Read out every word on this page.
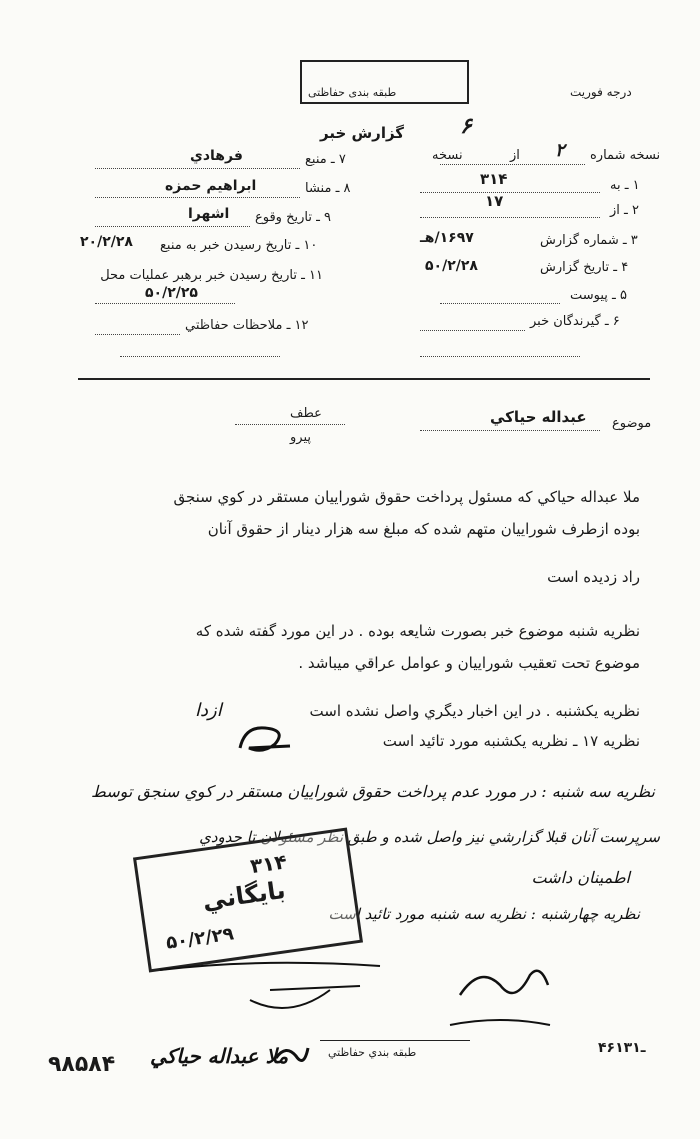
طبقه بندی حفاظتی	درجه فوریت
گزارش خبر	۶
نسخه شماره
از
نسخه	۲
فرهادي	۷ ـ منبع
ابراهيم حمزه	۸ ـ منشا
اشهرا ۹ ـ تاريخ وقوع
۲۰/۲/۲۸ ۱۰ ـ تاريخ رسيدن خبر به منبع
۱۱ ـ تاريخ رسيدن خبر برهبر عمليات محل
۵۰/۲/۲۵
۱۲ ـ ملاحظات حفاظتي
۱ ـ به
۳۱۴
۲ ـ از
۱۷
۳ ـ شماره گزارش
۱۶۹۷/هـ
۴ ـ تاريخ گزارش
۵۰/۲/۲۸
۵ ـ پيوست
۶ ـ گيرندگان خبر
موضوع
عبداله حياكي
عطف
پيرو
ملا عبداله حياكي كه مسئول پرداخت حقوق شوراييان مستقر در كوي سنجق
بوده ازطرف شوراييان متهم شده كه مبلغ سه هزار دينار از حقوق آنان
راد زديده است
نظريه شنبه موضوع خبر بصورت شايعه بوده . در اين مورد گفته شده كه
موضوع تحت تعقيب شوراييان و عوامل عراقي ميباشد .
نظريه يكشنبه . در اين اخبار ديگري واصل نشده است
ازدا
نظريه ۱۷ ـ نظريه يكشنبه مورد تائيد است
نظريه سه شنبه : در مورد عدم پرداخت حقوق شوراييان مستقر در كوي سنجق توسط
سرپرست آنان قبلا گزارشي نيز واصل شده و طبق نظر مسئولان تا حدودي
اطمينان داشت
نظريه چهارشنبه : نظريه سه شنبه مورد تائيد است
۳۱۴
بايگاني
۵۰/۲/۲۹
طبقه بندي حفاظتي	۴۶ـ۱۳۱
ملا عبداله حياكي
۹۸۵۸۴
